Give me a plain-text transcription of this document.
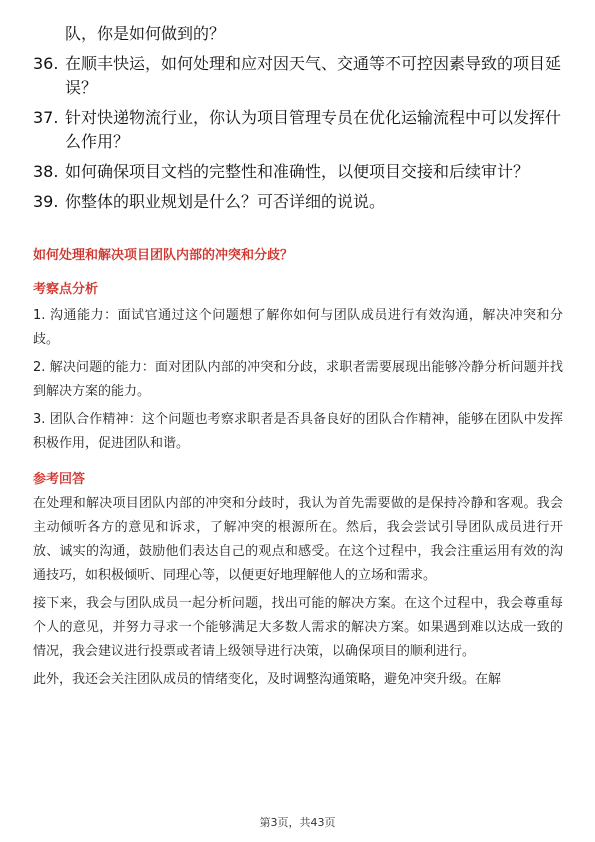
队，你是如何做到的？
36. 在顺丰快运，如何处理和应对因天气、交通等不可控因素导致的项目延误？
37. 针对快递物流行业，你认为项目管理专员在优化运输流程中可以发挥什么作用？
38. 如何确保项目文档的完整性和准确性，以便项目交接和后续审计？
39. 你整体的职业规划是什么？可否详细的说说。
如何处理和解决项目团队内部的冲突和分歧？
考察点分析

1. 沟通能力：面试官通过这个问题想了解你如何与团队成员进行有效沟通，解决冲突和分歧。

2. 解决问题的能力：面对团队内部的冲突和分歧，求职者需要展现出能够冷静分析问题并找到解决方案的能力。

3. 团队合作精神：这个问题也考察求职者是否具备良好的团队合作精神，能够在团队中发挥积极作用，促进团队和谐。

参考回答

在处理和解决项目团队内部的冲突和分歧时，我认为首先需要做的是保持冷静和客观。我会主动倾听各方的意见和诉求，了解冲突的根源所在。然后，我会尝试引导团队成员进行开放、诚实的沟通，鼓励他们表达自己的观点和感受。在这个过程中，我会注重运用有效的沟通技巧，如积极倾听、同理心等，以便更好地理解他人的立场和需求。

接下来，我会与团队成员一起分析问题，找出可能的解决方案。在这个过程中，我会尊重每个人的意见，并努力寻求一个能够满足大多数人需求的解决方案。如果遇到难以达成一致的情况，我会建议进行投票或者请上级领导进行决策，以确保项目的顺利进行。

此外，我还会关注团队成员的情绪变化，及时调整沟通策略，避免冲突升级。在解

第3页，共43页
